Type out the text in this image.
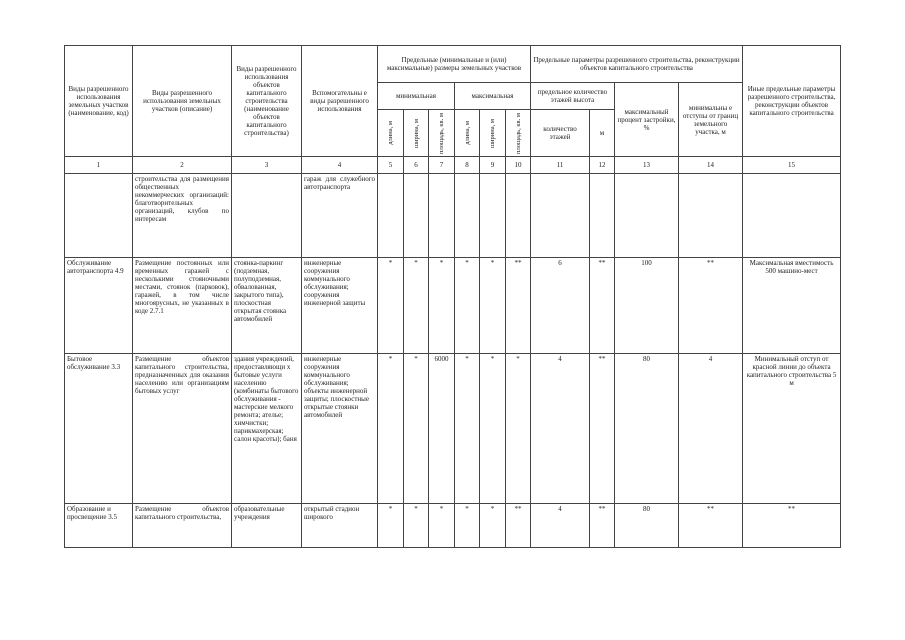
Виды разрешенного использования земельных участков (наименование, код)	Виды разрешенного использования земельных участков (описание)	Виды разрешенного использования объектов капитального строительства (наименование объектов капитального строительства)	Вспомогательны е виды разрешенного использования	Предельные (минимальные и (или) максимальные) размеры земельных участков						Предельные параметры разрешенного строительства, реконструкции объектов капитального строительства				Иные предельные параметры разрешенного строительства, реконструкции объектов капитального строительства
				минимальная			максимальная			предельное количество этажей высота		максимальный процент застройки, %	минимальны е отступы от границ земельного участка, м	
										количество этажей	м			

				длина, м	ширина, м	площадь, кв. м	длина, м	ширина, м	площадь, кв. м					

1	2	3	4	5	6	7	8	9	10	11	12	13	14	15
	строительства для размещения общественных некоммерческих организаций: благотворительных организаций, клубов по интересам		гараж для служебного автотранспорта											
Обслуживание автотранспорта 4.9	Размещение постоянных или временных гаражей с несколькими стояночными местами, стоянок (парковок), гаражей, в том числе многоярусных, не указанных в коде 2.7.1	стоянка-паркинг (подземная, полуподземная, обвалованная, закрытого типа), плоскостная открытая стоянка автомобилей	инженерные сооружения коммунального обслуживания; сооружения инженерной защиты	*	*	*	*	*	**	6	**	100	**	Максимальная вместимость 500 машино-мест
Бытовое обслуживание 3.3	Размещение объектов капитального строительства, предназначенных для оказания населению или организациям бытовых услуг	здания учреждений, предоставляющи х бытовые услуги населению (комбинаты бытового обслуживания - мастерские мелкого ремонта; ателье; химчистки; парикмахерская; салон красоты); баня	инженерные сооружения коммунального обслуживания; объекты инженерной защиты; плоскостные открытые стоянки автомобилей	*	*	6000	*	*	*	4	**	80	4	Минимальный отступ от красной линии до объекта капитального строительства 5 м
Образование и просвещение 3.5	Размещение объектов капитального строительства,	образовательные учреждения	открытый стадион широкого	*	*	*	*	*	**	4	**	80	**	**
